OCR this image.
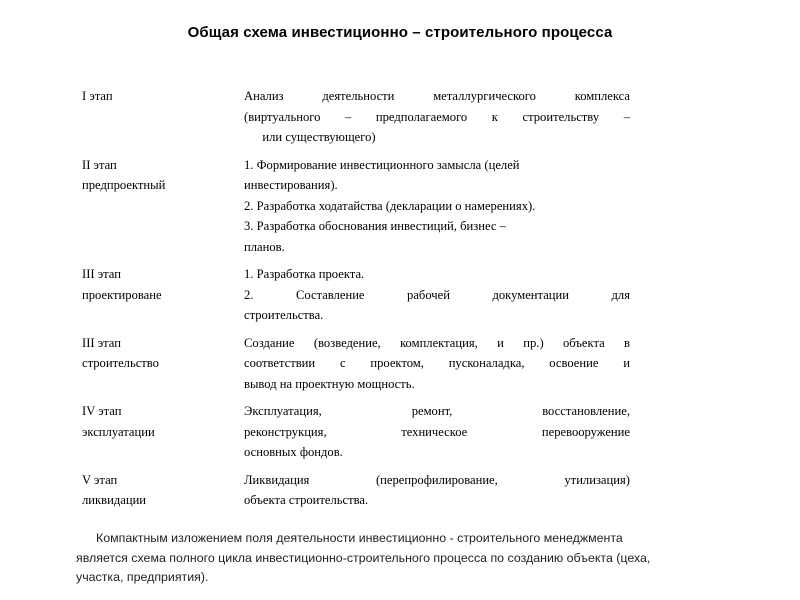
Общая схема инвестиционно – строительного процесса
I этап	Анализ деятельности металлургического комплекса
(виртуального – предполагаемого к строительству –
или существующего)

II этап
предпроектный	1. Формирование инвестиционного замысла (целей
инвестирования).
2. Разработка ходатайства (декларации о намерениях).
3. Разработка обоснования инвестиций, бизнес –
планов.

III этап
проектироване	1. Разработка проекта.
2. Составление рабочей документации для
строительства.

III этап
строительство	Создание (возведение, комплектация, и пр.) объекта в
соответствии с проектом, пусконаладка, освоение и
вывод на проектную мощность.

IV этап
эксплуатации	Эксплуатация, ремонт, восстановление,
реконструкция, техническое перевооружение
основных фондов.

V этап
ликвидации	Ликвидация (перепрофилирование, утилизация)
объекта строительства.
Компактным изложением поля деятельности инвестиционно - строительного менеджмента
является схема полного цикла инвестиционно-строительного процесса по созданию объекта (цеха,
участка, предприятия).
